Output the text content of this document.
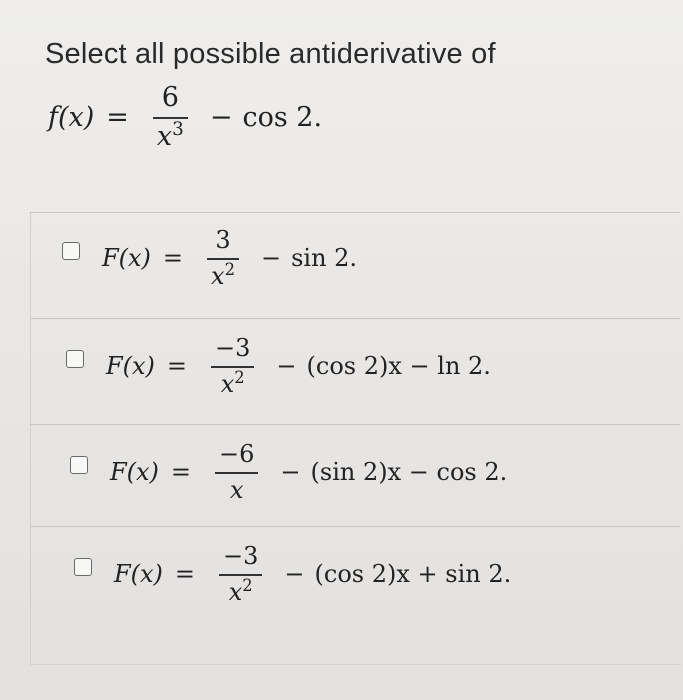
Select all possible antiderivative of
$f(x) = \frac{6}{x^3} - \cos 2$.
$F(x) = \frac{3}{x^2} - \sin 2$.
$F(x) = \frac{-3}{x^2} - (\cos$ 2)x − ln 2.
$F(x) = \frac{-6}{x} - (\sin$ 2)x − cos 2.
$F(x) = \frac{-3}{x^2} - (\cos$ 2)x + sin 2.
